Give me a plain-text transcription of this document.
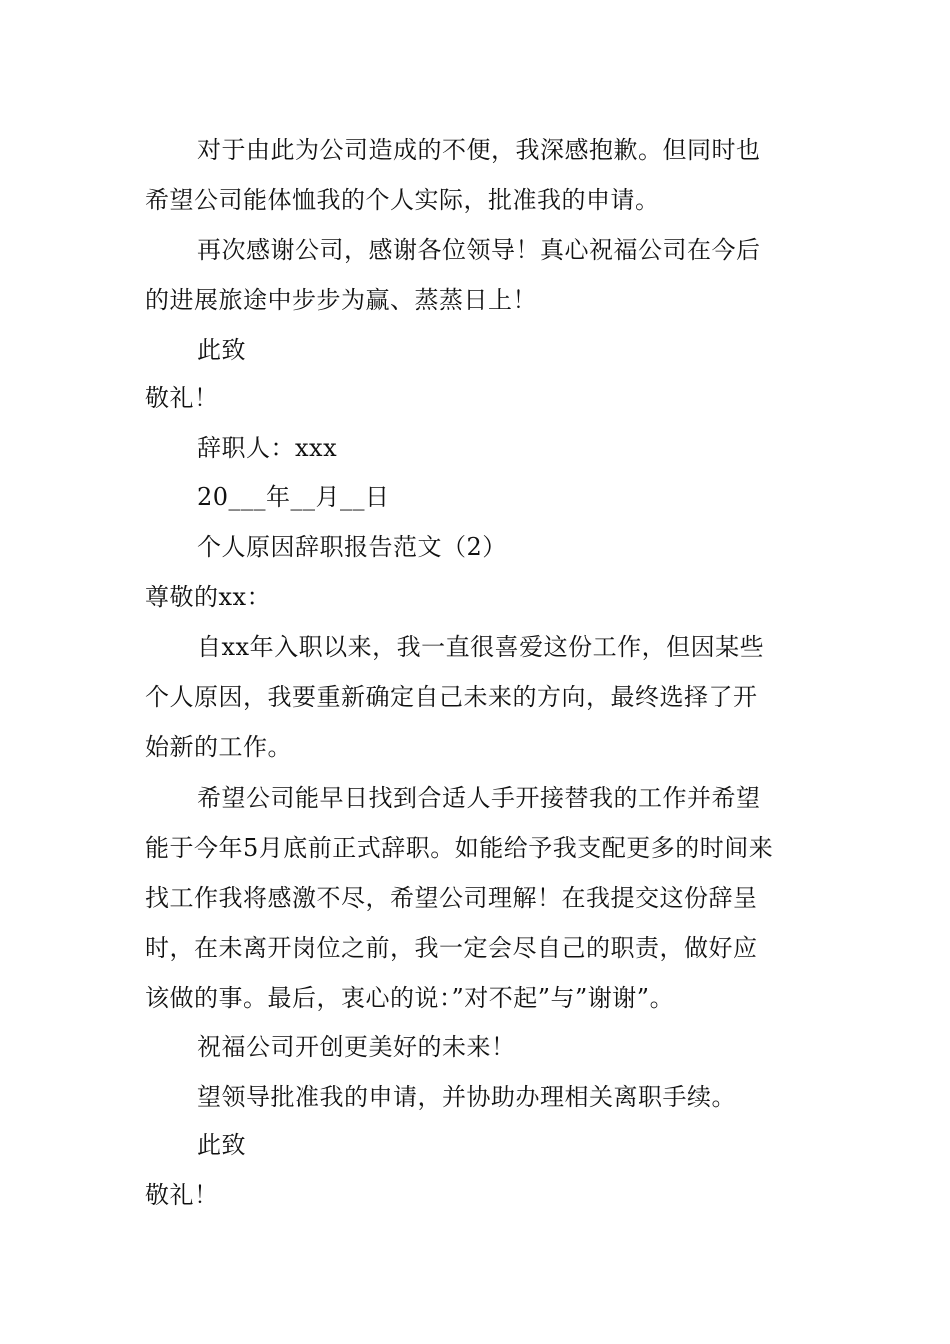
对于由此为公司造成的不便，我深感抱歉。但同时也
希望公司能体恤我的个人实际，批准我的申请。
再次感谢公司，感谢各位领导！真心祝福公司在今后
的进展旅途中步步为赢、蒸蒸日上！
此致
敬礼！
辞职人：xxx
20___年__月__日
个人原因辞职报告范文（2）
尊敬的xx：
自xx年入职以来，我一直很喜爱这份工作，但因某些
个人原因，我要重新确定自己未来的方向，最终选择了开
始新的工作。
希望公司能早日找到合适人手开接替我的工作并希望
能于今年5月底前正式辞职。如能给予我支配更多的时间来
找工作我将感激不尽，希望公司理解！在我提交这份辞呈
时，在未离开岗位之前，我一定会尽自己的职责，做好应
该做的事。最后，衷心的说：”对不起”与”谢谢”。
祝福公司开创更美好的未来！
望领导批准我的申请，并协助办理相关离职手续。
此致
敬礼！
